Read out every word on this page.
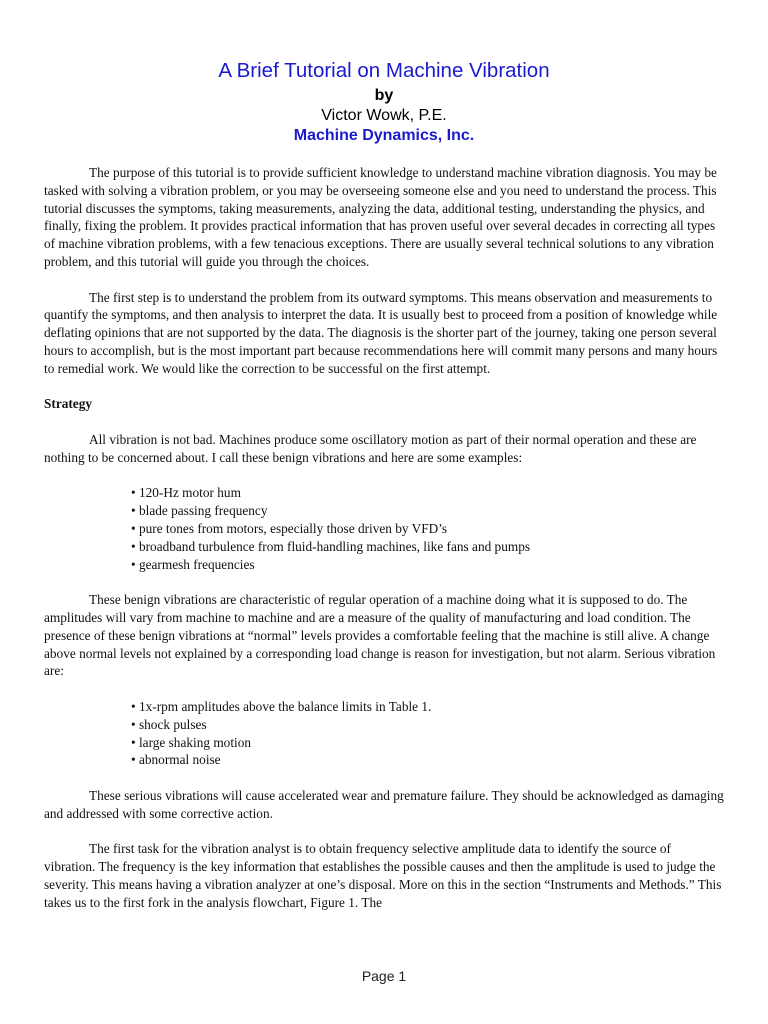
A Brief Tutorial on Machine Vibration
by
Victor Wowk, P.E.
Machine Dynamics, Inc.

The purpose of this tutorial is to provide sufficient knowledge to understand machine vibration diagnosis. You may be tasked with solving a vibration problem, or you may be overseeing someone else and you need to understand the process. This tutorial discusses the symptoms, taking measurements, analyzing the data, additional testing, understanding the physics, and finally, fixing the problem. It provides practical information that has proven useful over several decades in correcting all types of machine vibration problems, with a few tenacious exceptions. There are usually several technical solutions to any vibration problem, and this tutorial will guide you through the choices.

The first step is to understand the problem from its outward symptoms. This means observation and measurements to quantify the symptoms, and then analysis to interpret the data. It is usually best to proceed from a position of knowledge while deflating opinions that are not supported by the data. The diagnosis is the shorter part of the journey, taking one person several hours to accomplish, but is the most important part because recommendations here will commit many persons and many hours to remedial work. We would like the correction to be successful on the first attempt.

Strategy

All vibration is not bad. Machines produce some oscillatory motion as part of their normal operation and these are nothing to be concerned about. I call these benign vibrations and here are some examples:

• 120-Hz motor hum
• blade passing frequency
• pure tones from motors, especially those driven by VFD’s
• broadband turbulence from fluid-handling machines, like fans and pumps
• gearmesh frequencies

These benign vibrations are characteristic of regular operation of a machine doing what it is supposed to do. The amplitudes will vary from machine to machine and are a measure of the quality of manufacturing and load condition. The presence of these benign vibrations at “normal” levels provides a comfortable feeling that the machine is still alive. A change above normal levels not explained by a corresponding load change is reason for investigation, but not alarm. Serious vibration are:

• 1x-rpm amplitudes above the balance limits in Table 1.
• shock pulses
• large shaking motion
• abnormal noise

These serious vibrations will cause accelerated wear and premature failure. They should be acknowledged as damaging and addressed with some corrective action.

The first task for the vibration analyst is to obtain frequency selective amplitude data to identify the source of vibration. The frequency is the key information that establishes the possible causes and then the amplitude is used to judge the severity. This means having a vibration analyzer at one’s disposal. More on this in the section “Instruments and Methods.” This takes us to the first fork in the analysis flowchart, Figure 1. The

Page 1
